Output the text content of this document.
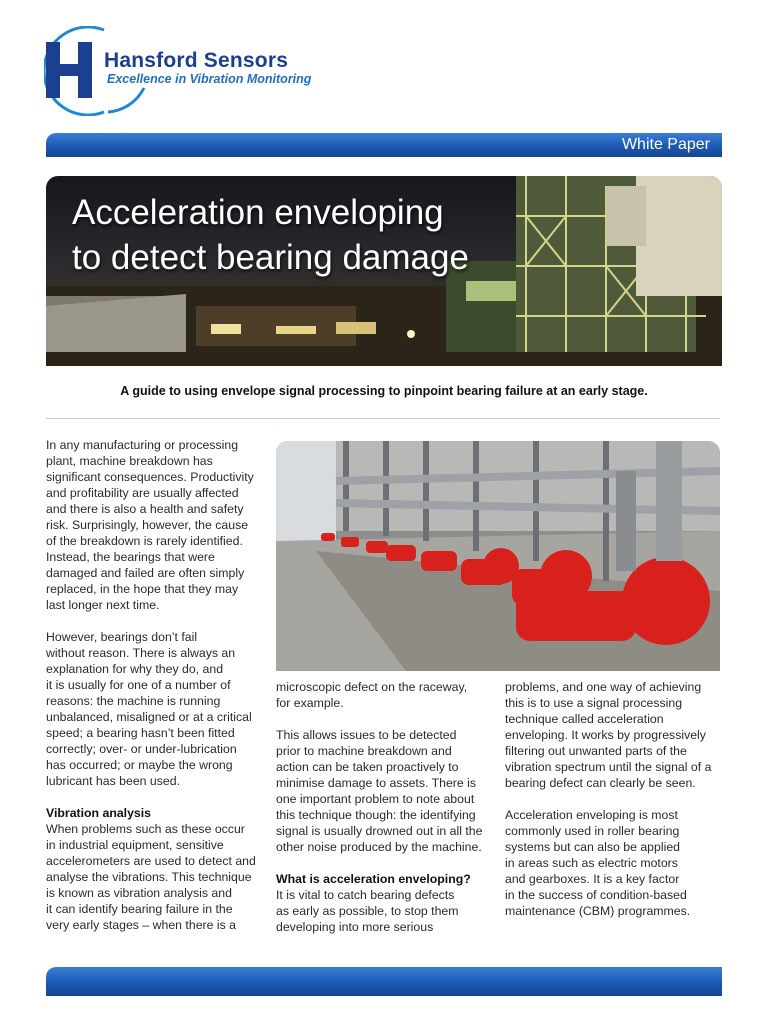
Hansford Sensors
Excellence in Vibration Monitoring
White Paper
Acceleration enveloping
to detect bearing damage
A guide to using envelope signal processing to pinpoint bearing failure at an early stage.

In any manufacturing or processing

plant, machine breakdown has

significant consequences. Productivity

and profitability are usually affected

and there is also a health and safety

risk. Surprisingly, however, the cause

of the breakdown is rarely identified.

Instead, the bearings that were

damaged and failed are often simply

replaced, in the hope that they may

last longer next time.

However, bearings don’t fail

without reason. There is always an

explanation for why they do, and

it is usually for one of a number of

reasons: the machine is running

unbalanced, misaligned or at a critical

speed; a bearing hasn’t been fitted

correctly; over- or under-lubrication

has occurred; or maybe the wrong

lubricant has been used.

Vibration analysis

When problems such as these occur

in industrial equipment, sensitive

accelerometers are used to detect and

analyse the vibrations. This technique

is known as vibration analysis and

it can identify bearing failure in the

very early stages – when there is a

microscopic defect on the raceway,

for example.

This allows issues to be detected

prior to machine breakdown and

action can be taken proactively to

minimise damage to assets. There is

one important problem to note about

this technique though: the identifying

signal is usually drowned out in all the

other noise produced by the machine.

What is acceleration enveloping?

It is vital to catch bearing defects

as early as possible, to stop them

developing into more serious

problems, and one way of achieving

this is to use a signal processing

technique called acceleration

enveloping. It works by progressively

filtering out unwanted parts of the

vibration spectrum until the signal of a

bearing defect can clearly be seen.

Acceleration enveloping is most

commonly used in roller bearing

systems but can also be applied

in areas such as electric motors

and gearboxes. It is a key factor

in the success of condition-based

maintenance (CBM) programmes.
